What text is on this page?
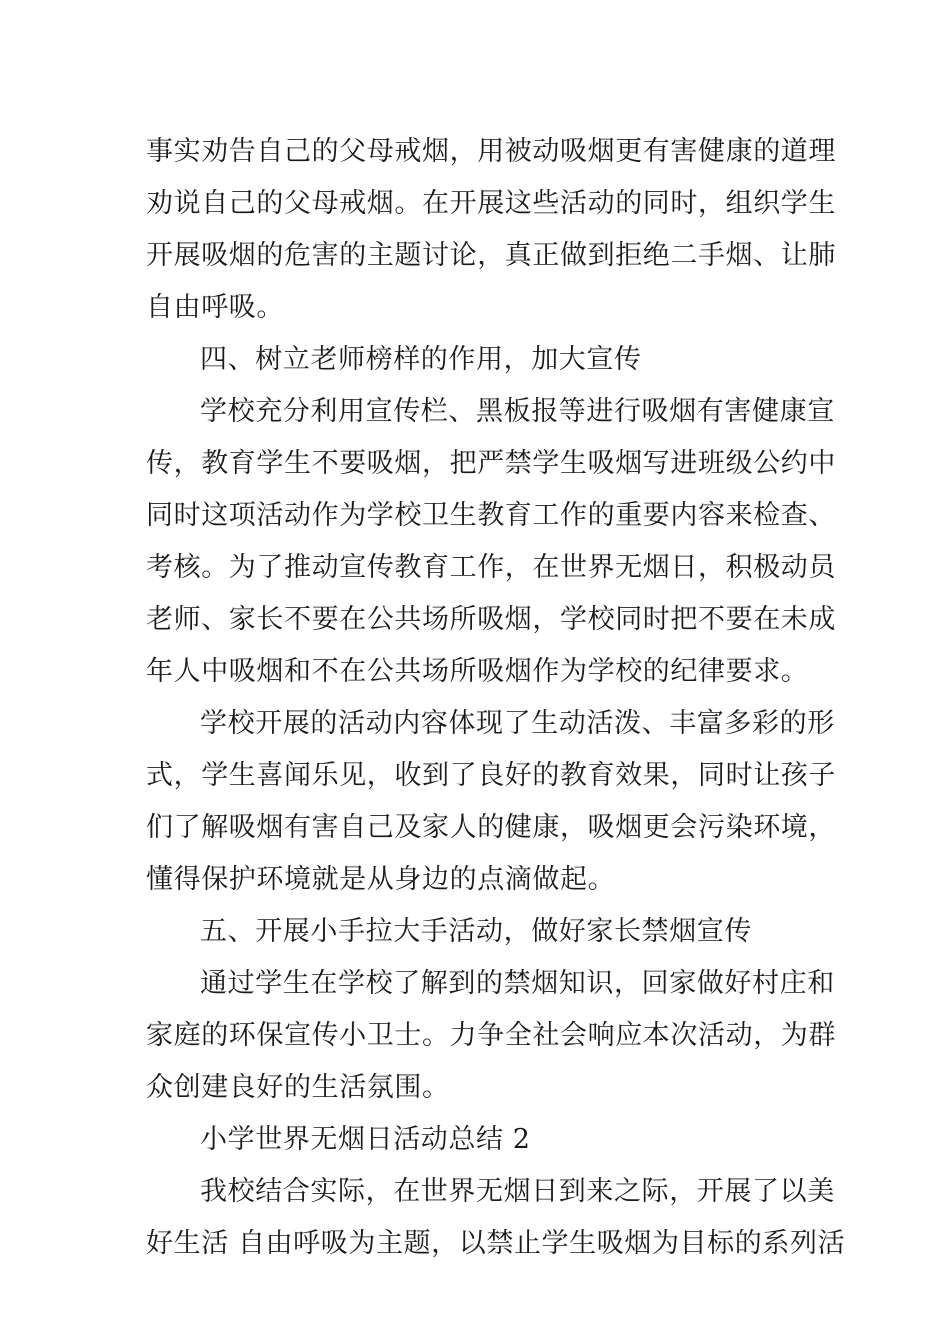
事实劝告自己的父母戒烟，用被动吸烟更有害健康的道理
劝说自己的父母戒烟。在开展这些活动的同时，组织学生
开展吸烟的危害的主题讨论，真正做到拒绝二手烟、让肺
自由呼吸。
四、树立老师榜样的作用，加大宣传
学校充分利用宣传栏、黑板报等进行吸烟有害健康宣
传，教育学生不要吸烟，把严禁学生吸烟写进班级公约中
同时这项活动作为学校卫生教育工作的重要内容来检查、
考核。为了推动宣传教育工作，在世界无烟日，积极动员
老师、家长不要在公共场所吸烟，学校同时把不要在未成
年人中吸烟和不在公共场所吸烟作为学校的纪律要求。
学校开展的活动内容体现了生动活泼、丰富多彩的形
式，学生喜闻乐见，收到了良好的教育效果，同时让孩子
们了解吸烟有害自己及家人的健康，吸烟更会污染环境，
懂得保护环境就是从身边的点滴做起。
五、开展小手拉大手活动，做好家长禁烟宣传
通过学生在学校了解到的禁烟知识，回家做好村庄和
家庭的环保宣传小卫士。力争全社会响应本次活动，为群
众创建良好的生活氛围。
小学世界无烟日活动总结 2
我校结合实际，在世界无烟日到来之际，开展了以美
好生活 自由呼吸为主题，以禁止学生吸烟为目标的系列活
